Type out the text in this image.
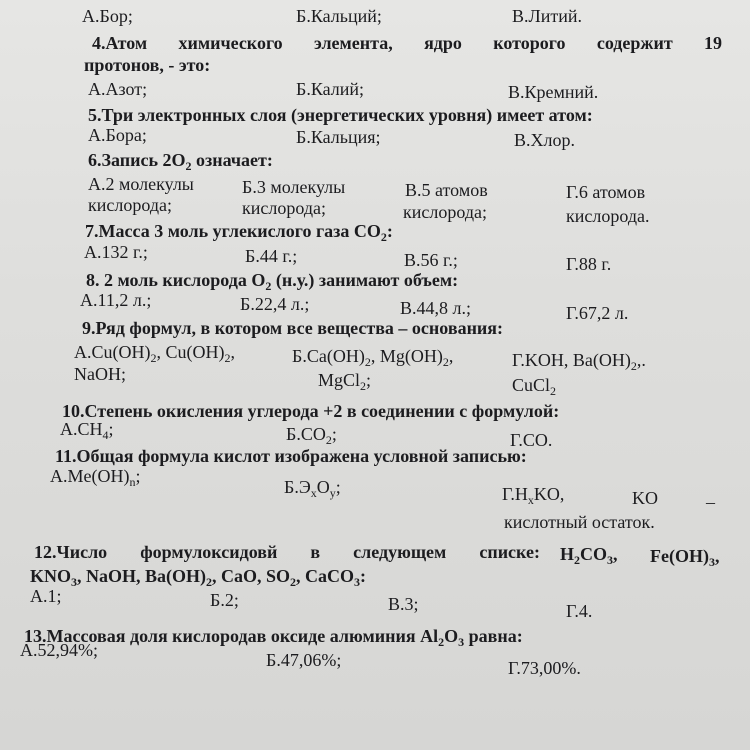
А.Бор;	Б.Кальций;	В.Литий.
4.Атом химического элемента, ядро которого содержит 19
протонов, - это:
А.Азот;	Б.Калий;	В.Кремний.
5.Три электронных слоя (энергетических уровня) имеет атом:
А.Бора;	Б.Кальция;	В.Хлор.
6.Запись $2O_2$ означает:
А.2 молекулы
кислорода;
Б.3 молекулы
кислорода;
В.5 атомов
кислорода;
Г.6 атомов
кислорода.
7.Масса 3 моль углекислого газа $CO_2$:
А.132 г.;	Б.44 г.;	В.56 г.;	Г.88 г.
8. 2 моль кислорода $O_2$ (н.у.) занимают объем:
А.11,2 л.;	Б.22,4 л.;	В.44,8 л.;	Г.67,2 л.
9.Ряд формул, в котором все вещества – основания:
$А.Cu(OH)_2$, $Cu(OH)_2$,
NaOH;
$Б.Ca(OH)_2$, $Mg(OH)_2$,
MgCl$_2$;
Г.KOH, $Ba(OH)_2$,.
CuCl$_2$
10.Степень окисления углерода +2 в соединении с формулой:
$А.CH_4$;	$Б.CO_2$;	Г.CO.
11.Общая формула кислот изображена условной записью:
$А.Me(OH)_n$;
$Б.Э_xO_y$;	$Г.H_xKO$,	KO	–
кислотный остаток.
12.Число формулоксидовй в следующем списке: $H_2CO_3$, $Fe(OH)_3$,
$KNO_3$, NaOH, $Ba(OH)_2$, CaO, $SO_2$, CaCO$_3$:
А.1;	Б.2;	В.3;	Г.4.
13.Массовая доля кислородав оксиде алюминия $Al_2O_3$ равна:
А.52,94%;	Б.47,06%;	Г.73,00%.
